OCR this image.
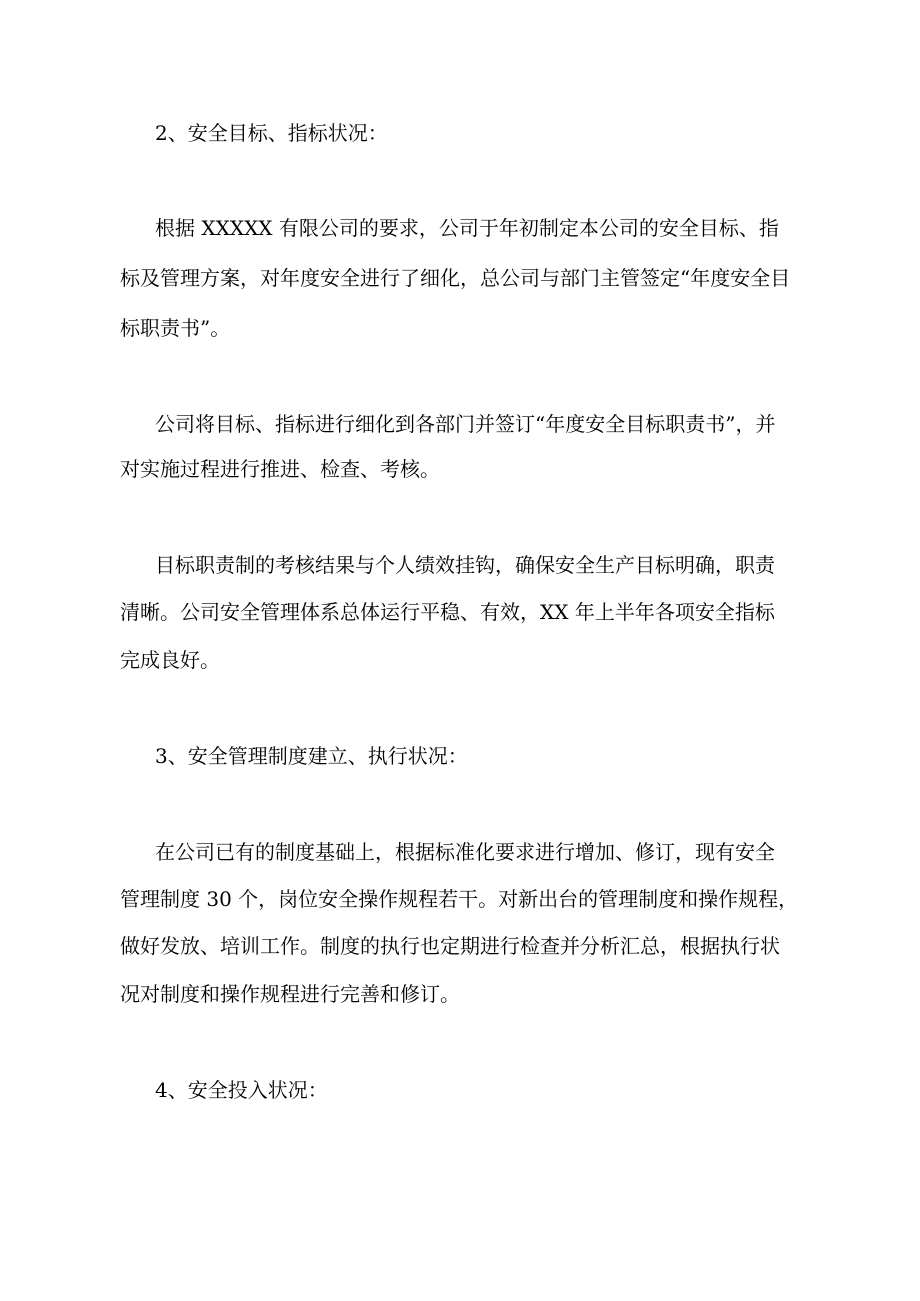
2、安全目标、指标状况：

根据 XXXXX 有限公司的要求，公司于年初制定本公司的安全目标、指

标及管理方案，对年度安全进行了细化，总公司与部门主管签定“年度安全目

标职责书”。

公司将目标、指标进行细化到各部门并签订“年度安全目标职责书”，并

对实施过程进行推进、检查、考核。

目标职责制的考核结果与个人绩效挂钩，确保安全生产目标明确，职责

清晰。公司安全管理体系总体运行平稳、有效，XX 年上半年各项安全指标

完成良好。

3、安全管理制度建立、执行状况：

在公司已有的制度基础上，根据标准化要求进行增加、修订，现有安全

管理制度 30 个，岗位安全操作规程若干。对新出台的管理制度和操作规程，

做好发放、培训工作。制度的执行也定期进行检查并分析汇总，根据执行状

况对制度和操作规程进行完善和修订。

4、安全投入状况：
